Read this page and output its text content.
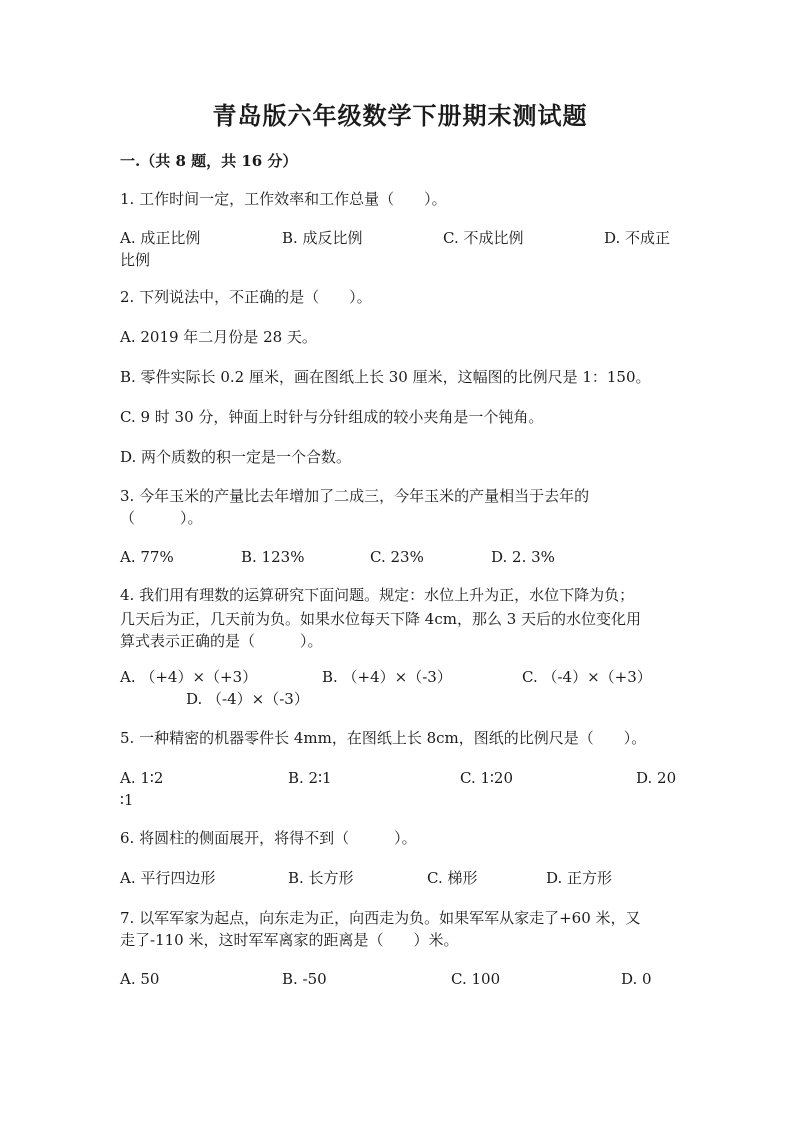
青岛版六年级数学下册期末测试题
一.（共 8 题，共 16 分）
1. 工作时间一定，工作效率和工作总量（　　）。
A. 成正比例	B. 成反比例	C. 不成比例	D. 不成正
比例
2. 下列说法中，不正确的是（　　）。
A. 2019 年二月份是 28 天。
B. 零件实际长 0.2 厘米，画在图纸上长 30 厘米，这幅图的比例尺是 1：150。
C. 9 时 30 分，钟面上时针与分针组成的较小夹角是一个钝角。
D. 两个质数的积一定是一个合数。
3. 今年玉米的产量比去年增加了二成三，今年玉米的产量相当于去年的
（　　　）。
A. 77%	B. 123%	C. 23%	D. 2. 3%
4. 我们用有理数的运算研究下面问题。规定：水位上升为正，水位下降为负；
几天后为正，几天前为负。如果水位每天下降 4cm，那么 3 天后的水位变化用
算式表示正确的是（　　　）。
A. （+4）×（+3）	B. （+4）×（-3）	C. （-4）×（+3）
D. （-4）×（-3）
5. 一种精密的机器零件长 4mm，在图纸上长 8cm，图纸的比例尺是（　　）。
A. 1∶2	B. 2∶1	C. 1∶20	D. 20
∶1
6. 将圆柱的侧面展开，将得不到（　　　）。
A. 平行四边形	B. 长方形	C. 梯形	D. 正方形
7. 以军军家为起点，向东走为正，向西走为负。如果军军从家走了+60 米，又
走了-110 米，这时军军离家的距离是（　　）米。
A. 50	B. -50	C. 100	D. 0
